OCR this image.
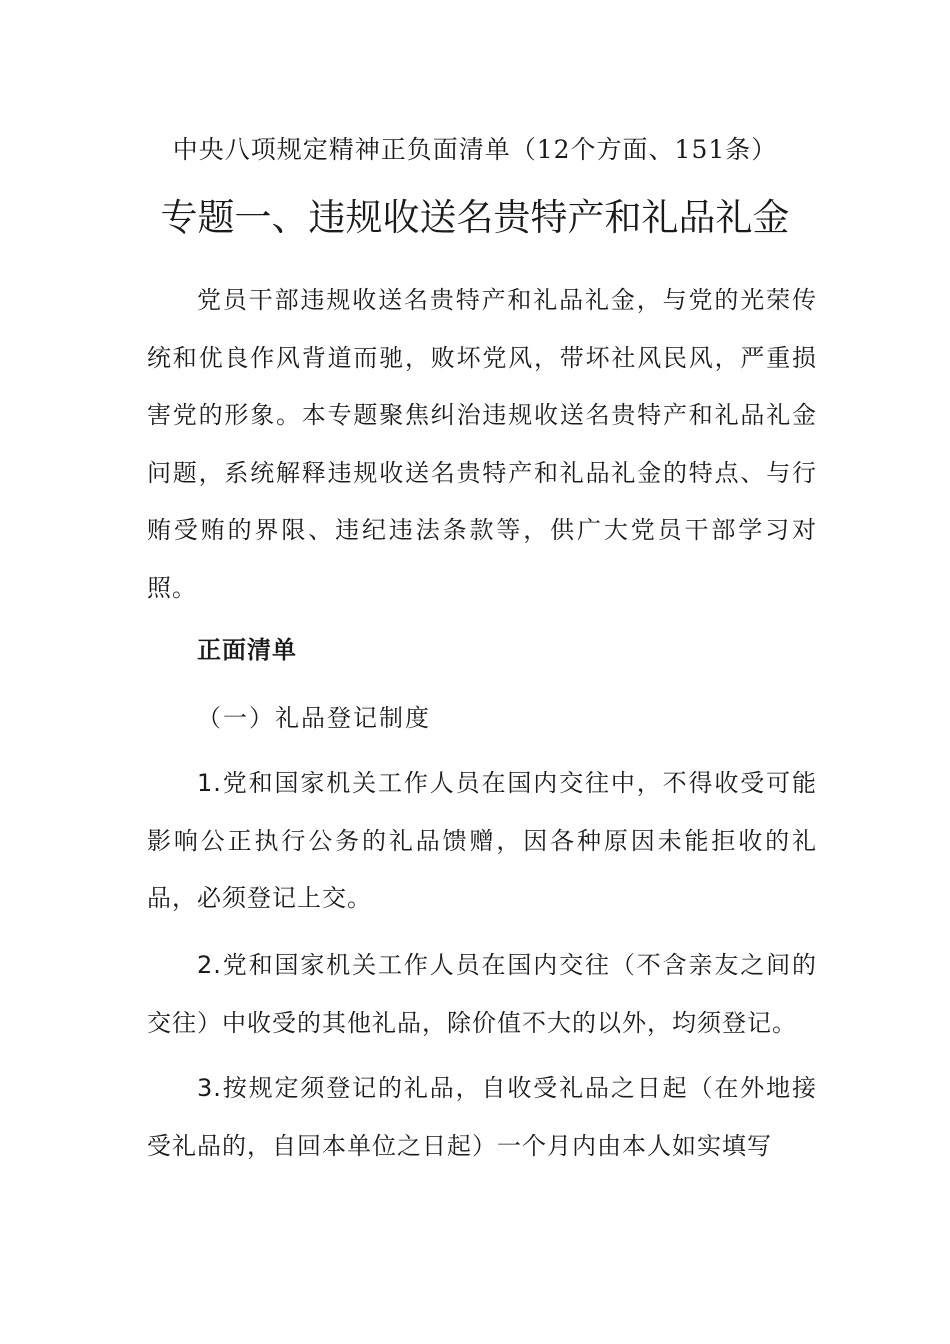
中央八项规定精神正负面清单（12个方面、151条）
专题一、违规收送名贵特产和礼品礼金

党员干部违规收送名贵特产和礼品礼金，与党的光荣传统和优良作风背道而驰，败坏党风，带坏社风民风，严重损害党的形象。本专题聚焦纠治违规收送名贵特产和礼品礼金问题，系统解释违规收送名贵特产和礼品礼金的特点、与行贿受贿的界限、违纪违法条款等，供广大党员干部学习对照。

正面清单
（一）礼品登记制度

1.党和国家机关工作人员在国内交往中，不得收受可能影响公正执行公务的礼品馈赠，因各种原因未能拒收的礼品，必须登记上交。

2.党和国家机关工作人员在国内交往（不含亲友之间的交往）中收受的其他礼品，除价值不大的以外，均须登记。

3.按规定须登记的礼品，自收受礼品之日起（在外地接受礼品的，自回本单位之日起）一个月内由本人如实填写
